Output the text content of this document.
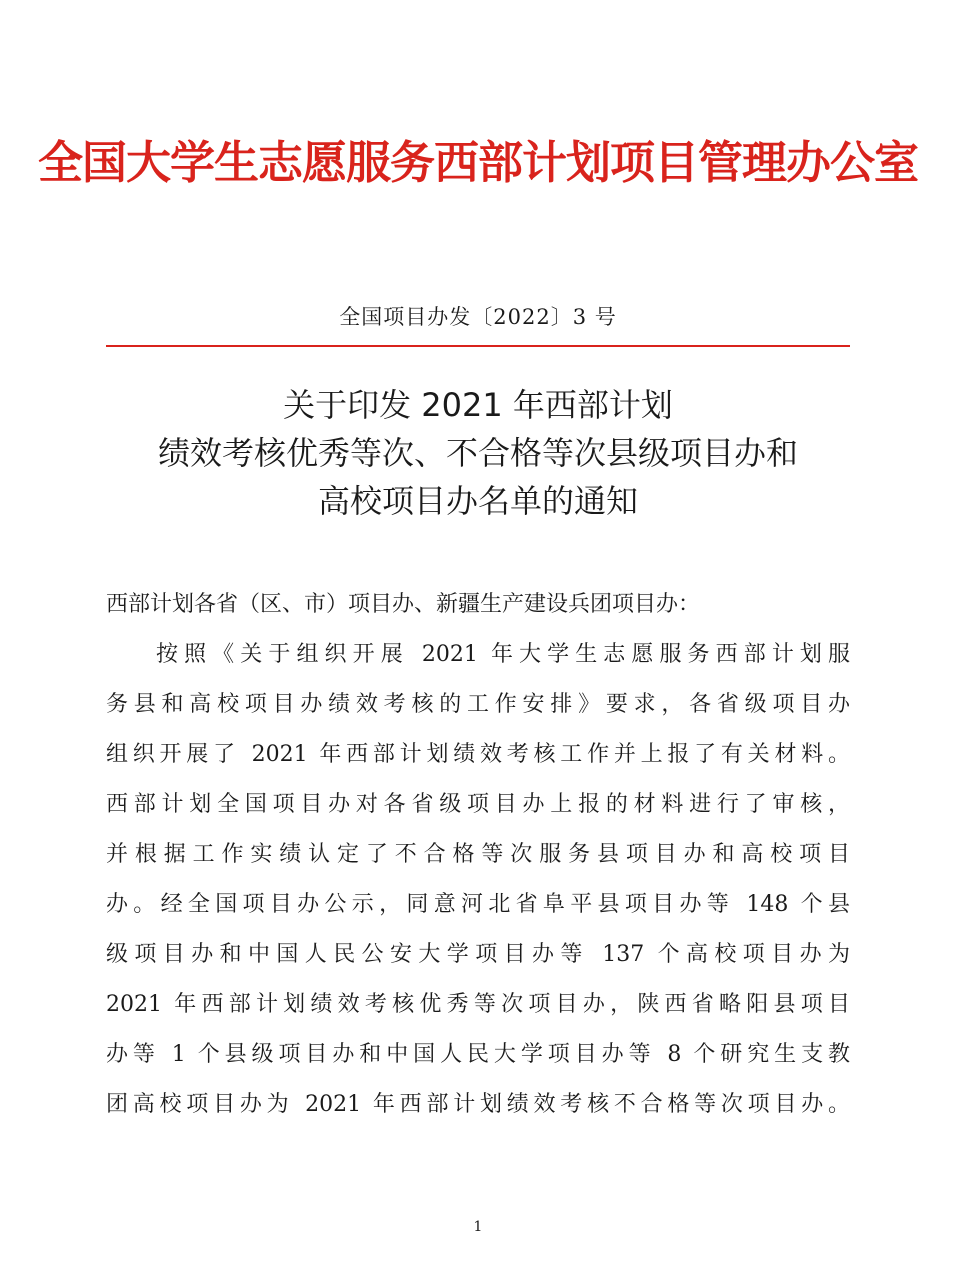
全国大学生志愿服务西部计划项目管理办公室
全国项目办发〔2022〕3 号
关于印发 2021 年西部计划
绩效考核优秀等次、不合格等次县级项目办和
高校项目办名单的通知
西部计划各省（区、市）项目办、新疆生产建设兵团项目办：
按照《关于组织开展 2021 年大学生志愿服务西部计划服
务县和高校项目办绩效考核的工作安排》要求，各省级项目办
组织开展了 2021 年西部计划绩效考核工作并上报了有关材料。
西部计划全国项目办对各省级项目办上报的材料进行了审核，
并根据工作实绩认定了不合格等次服务县项目办和高校项目
办。经全国项目办公示，同意河北省阜平县项目办等 148 个县
级项目办和中国人民公安大学项目办等 137 个高校项目办为
2021 年西部计划绩效考核优秀等次项目办，陕西省略阳县项目
办等 1 个县级项目办和中国人民大学项目办等 8 个研究生支教
团高校项目办为 2021 年西部计划绩效考核不合格等次项目办。
1
